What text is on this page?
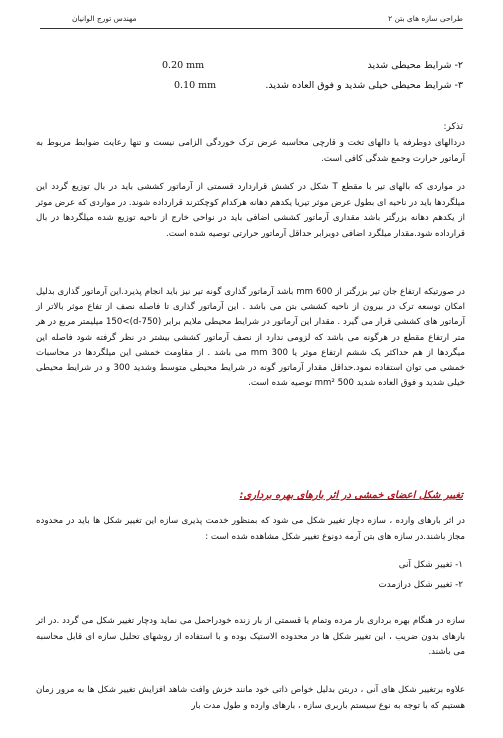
طراحی سازه های بتن ۲
مهندس تورج الوانیان
۲- شرایط محیطی شدید
0.20 mm
۳- شرایط محیطی خیلی شدید و فوق العاده شدید.
0.10 mm
تذکر:
دردالهای دوطرفه یا دالهای تخت و قارچی محاسبه عرض ترک خوردگی الزامی نیست و تنها رعایت ضوابط مربوط به آرماتور حرارت وجمع شدگی کافی است.
در مواردی که بالهای تیر با مقطع T شکل در کشش قراردارد قسمتی از آرماتور کششی باید در بال توزیع گردد این میلگردها باید در ناحیه ای بطول عرض موثر تیریا یکدهم دهانه هرکدام کوچکترند قرارداده شوند. در مواردی که عرض موثر از یکدهم دهانه بزرگتر باشد مقداری آرماتور کششی اضافی باید در نواحی خارج از ناحیه توزیع شده میلگردها در بال قرارداده شود.مقدار میلگرد اضافی دوبرابر حداقل آرماتور حرارتی توصیه شده است.
در صورتیکه ارتفاع جان تیر بزرگتر از 600 mm باشد آرماتور گذاری گونه تیر نیز باید انجام پذیرد.این آرماتور گذاری بدلیل امکان توسعه ترک در بیرون از ناحیه کششی بتن می باشد . این آرماتور گذاری تا فاصله نصف از تفاع موثر بالاتر از آرماتور های کششی قرار می گیرد . مقدار این آرماتور در شرایط محیطی ملایم برابر (d-750)>150 میلیمتر مربع در هر متر ارتفاع مقطع در هرگونه می باشد که لزومی ندارد از نصف آرماتور کششی بیشتر در نظر گرفته شود فاصله این میگردها از هم حداکثر یک ششم ارتفاع موثر یا 300 mm می باشد . از مقاومت خمشی این میلگردها در محاسبات خمشی می توان استفاده نمود.حداقل مقدار آرماتور گونه در شرایط محیطی متوسط وشدید 300 و در شرایط محیطی خیلی شدید و فوق العاده شدید 500 mm² توصیه شده است.
تغییر شکل اعضای خمشی در اثر بارهای بهره برداری:
در اثر بارهای وارده ، سازه دچار تغییر شکل می شود که بمنظور خدمت پذیری سازه این تغییر شکل ها باید در محدوده مجاز باشند.در سازه های بتن آرمه دونوع تغییر شکل مشاهده شده است :
۱- تغییر شکل آنی
۲- تغییر شکل درازمدت
سازه در هنگام بهره برداری بار مرده وتمام یا قسمتی از بار زنده خودراحمل می نماید ودچار تغییر شکل می گردد .در اثر بارهای بدون ضریب ، این تغییر شکل ها در محدوده الاستیک بوده و با استفاده از روشهای تحلیل سازه ای قابل محاسبه می باشند.
علاوه برتغییر شکل های آنی ، دربتن بدلیل خواص ذاتی خود مانند خزش وافت شاهد افزایش تغییر شکل ها به مرور زمان هستیم که با توجه به نوع سیستم باربری سازه ، بارهای وارده و طول مدت بار
